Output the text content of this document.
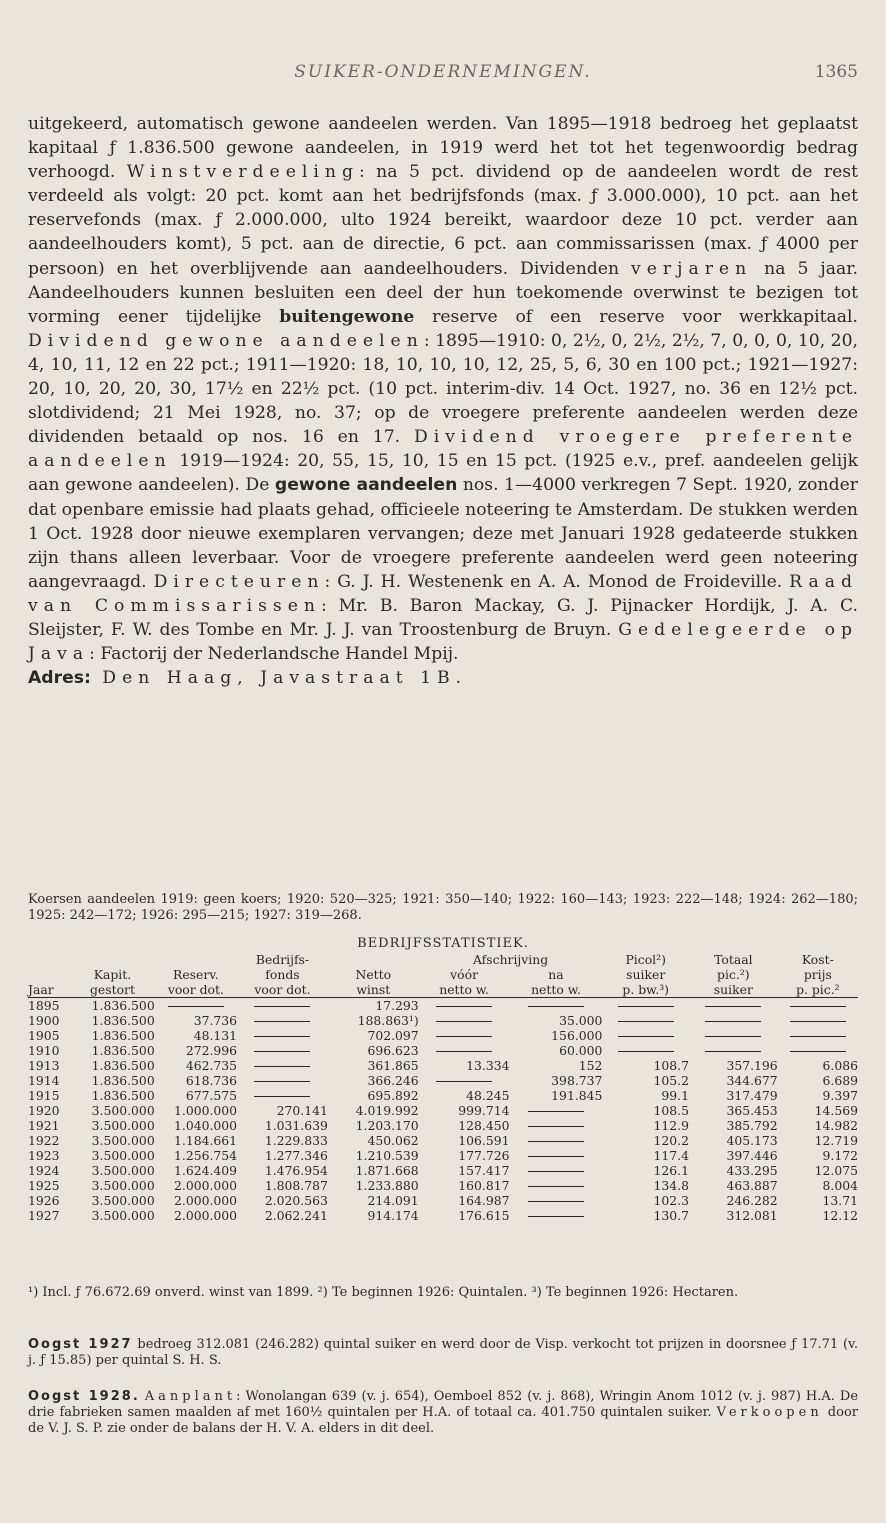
SUIKER-ONDERNEMINGEN.	1365

uitgekeerd, automatisch gewone aandeelen werden. Van 1895—1918 bedroeg het geplaatst kapitaal ƒ 1.836.500 gewone aandeelen, in 1919 werd het tot het tegenwoordig bedrag verhoogd. Winstverdeeling: na 5 pct. dividend op de aandeelen wordt de rest verdeeld als volgt: 20 pct. komt aan het bedrijfsfonds (max. ƒ 3.000.000), 10 pct. aan het reservefonds (max. ƒ 2.000.000, ulto 1924 bereikt, waardoor deze 10 pct. verder aan aandeelhouders komt), 5 pct. aan de directie, 6 pct. aan commissarissen (max. ƒ 4000 per persoon) en het overblijvende aan aandeelhouders. Dividenden verjaren na 5 jaar. Aandeelhouders kunnen besluiten een deel der hun toekomende overwinst te bezigen tot vorming eener tijdelijke buitengewone reserve of een reserve voor werkkapitaal. Dividend gewone aandeelen: 1895—1910: 0, 2½, 0, 2½, 2½, 7, 0, 0, 0, 10, 20, 4, 10, 11, 12 en 22 pct.; 1911—1920: 18, 10, 10, 10, 12, 25, 5, 6, 30 en 100 pct.; 1921—1927: 20, 10, 20, 20, 30, 17½ en 22½ pct. (10 pct. interim-div. 14 Oct. 1927, no. 36 en 12½ pct. slotdividend; 21 Mei 1928, no. 37; op de vroegere preferente aandeelen werden deze dividenden betaald op nos. 16 en 17. Dividend vroegere preferente aandeelen 1919—1924: 20, 55, 15, 10, 15 en 15 pct. (1925 e.v., pref. aandeelen gelijk aan gewone aandeelen). De gewone aandeelen nos. 1—4000 verkregen 7 Sept. 1920, zonder dat openbare emissie had plaats gehad, officieele noteering te Amsterdam. De stukken werden 1 Oct. 1928 door nieuwe exemplaren vervangen; deze met Januari 1928 gedateerde stukken zijn thans alleen leverbaar. Voor de vroegere preferente aandeelen werd geen noteering aangevraagd. Directeuren: G. J. H. Westenenk en A. A. Monod de Froideville. Raad van Commissarissen: Mr. B. Baron Mackay, G. J. Pijnacker Hordijk, J. A. C. Sleijster, F. W. des Tombe en Mr. J. J. van Troostenburg de Bruyn. Gedelegeerde op Java: Factorij der Nederlandsche Handel Mpij.
Adres: Den Haag, Javastraat 1B.

Koersen aandeelen 1919: geen koers; 1920: 520—325; 1921: 350—140; 1922: 160—143; 1923: 222—148; 1924: 262—180; 1925: 242—172; 1926: 295—215; 1927: 319—268.

BEDRIJFSSTATISTIEK.
			Bedrijfs-		Afschrijving		Picol²)	Totaal	Kost-
	Kapit.	Reserv.	fonds	Netto	vóór	na	suiker	pic.²)	prijs
Jaar	gestort	voor dot.	voor dot.	winst	netto w.	netto w.	p. bw.³)	suiker	p. pic.²
1895	1.836.500			17.293					
1900	1.836.500	37.736		188.863¹)		35.000			
1905	1.836.500	48.131		702.097		156.000			
1910	1.836.500	272.996		696.623		60.000			
1913	1.836.500	462.735		361.865	13.334	152	108.7	357.196	6.086
1914	1.836.500	618.736		366.246		398.737	105.2	344.677	6.689
1915	1.836.500	677.575		695.892	48.245	191.845	99.1	317.479	9.397
1920	3.500.000	1.000.000	270.141	4.019.992	999.714		108.5	365.453	14.569
1921	3.500.000	1.040.000	1.031.639	1.203.170	128.450		112.9	385.792	14.982
1922	3.500.000	1.184.661	1.229.833	450.062	106.591		120.2	405.173	12.719
1923	3.500.000	1.256.754	1.277.346	1.210.539	177.726		117.4	397.446	9.172
1924	3.500.000	1.624.409	1.476.954	1.871.668	157.417		126.1	433.295	12.075
1925	3.500.000	2.000.000	1.808.787	1.233.880	160.817		134.8	463.887	8.004
1926	3.500.000	2.000.000	2.020.563	214.091	164.987		102.3	246.282	13.71
1927	3.500.000	2.000.000	2.062.241	914.174	176.615		130.7	312.081	12.12

¹) Incl. ƒ 76.672.69 onverd. winst van 1899. ²) Te beginnen 1926: Quintalen. ³) Te beginnen 1926: Hectaren.

Oogst 1927 bedroeg 312.081 (246.282) quintal suiker en werd door de Visp. verkocht tot prijzen in doorsnee ƒ 17.71 (v. j. ƒ 15.85) per quintal S. H. S.

Oogst 1928. Aanplant: Wonolangan 639 (v. j. 654), Oemboel 852 (v. j. 868), Wringin Anom 1012 (v. j. 987) H.A. De drie fabrieken samen maalden af met 160½ quintalen per H.A. of totaal ca. 401.750 quintalen suiker. Verkoopen door de V. J. S. P. zie onder de balans der H. V. A. elders in dit deel.
